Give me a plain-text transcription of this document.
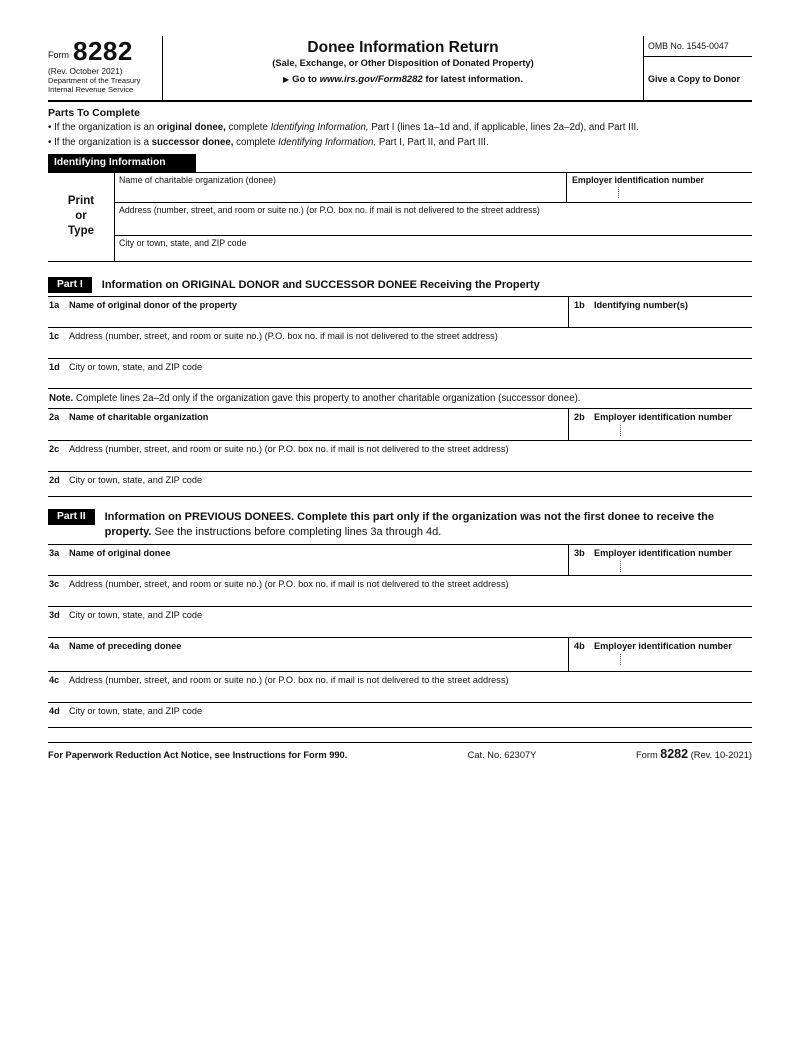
Form 8282
(Rev. October 2021)
Department of the Treasury
Internal Revenue Service
Donee Information Return
(Sale, Exchange, or Other Disposition of Donated Property)
▶ Go to www.irs.gov/Form8282 for latest information.
OMB No. 1545-0047
Give a Copy to Donor
Parts To Complete
• If the organization is an original donee, complete Identifying Information, Part I (lines 1a–1d and, if applicable, lines 2a–2d), and Part III.
• If the organization is a successor donee, complete Identifying Information, Part I, Part II, and Part III.
Identifying Information
Print
or
Type
Name of charitable organization (donee)	Employer identification number
Address (number, street, and room or suite no.) (or P.O. box no. if mail is not delivered to the street address)
City or town, state, and ZIP code
Part I	Information on ORIGINAL DONOR and SUCCESSOR DONEE Receiving the Property
1a	Name of original donor of the property	1b	Identifying number(s)
1c	Address (number, street, and room or suite no.) (P.O. box no. if mail is not delivered to the street address)
1d	City or town, state, and ZIP code
Note. Complete lines 2a–2d only if the organization gave this property to another charitable organization (successor donee).
2a	Name of charitable organization	2b	Employer identification number
2c	Address (number, street, and room or suite no.) (or P.O. box no. if mail is not delivered to the street address)
2d	City or town, state, and ZIP code
Part II	Information on PREVIOUS DONEES. Complete this part only if the organization was not the first donee to receive the property. See the instructions before completing lines 3a through 4d.
3a	Name of original donee	3b	Employer identification number
3c	Address (number, street, and room or suite no.) (or P.O. box no. if mail is not delivered to the street address)
3d	City or town, state, and ZIP code
4a	Name of preceding donee	4b	Employer identification number
4c	Address (number, street, and room or suite no.) (or P.O. box no. if mail is not delivered to the street address)
4d	City or town, state, and ZIP code
For Paperwork Reduction Act Notice, see Instructions for Form 990.	Cat. No. 62307Y	Form 8282 (Rev. 10-2021)
